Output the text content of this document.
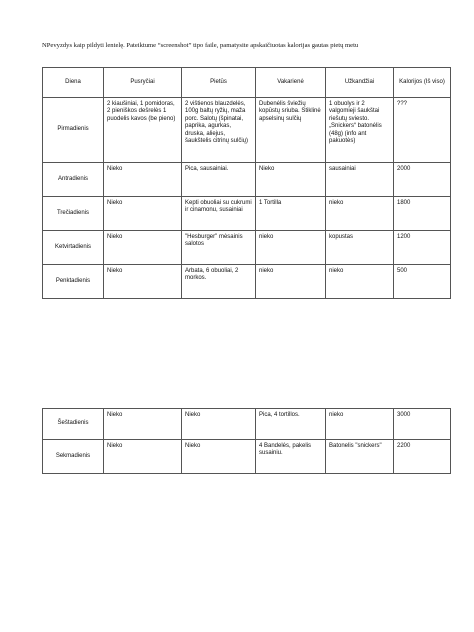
NPevyzdys kaip pildyti lentelę. Pateiktume “screenshot” tipo faile, pamatysite apskaičiuotas kalorijas gautas pietų metu
Diena	Pusryčiai	Pietūs	Vakarienė	Užkandžiai	Kalorijos (Iš viso)
Pirmadienis	2 kiaušiniai, 1 pomidoras, 2 pieniškos dešrelės 1 puodelis kavos (be pieno)	2 vištienos blauzdelės, 100g baltų ryžių, maža porc. Salotų (špinatai, paprika, agurkas, druska, aliejus, šaukštelis citrinų sulčių)	Dubenėlis šviežių kopūstų sriuba. Stiklinė apselsinų sulčių	1 obuolys ir 2 valgomieji šaukštai riešutų sviesto. „Snickers“ batonėlis (48g) (info ant pakuotės)	???
Antradienis	Nieko	Pica, sausainiai.	Nieko	sausainiai	2000
Trečiadienis	Nieko	Kepti obuoliai su cukrumi ir cinamonu, susainiai	1 Tortilla	nieko	1800
Ketvirtadienis	Nieko	"Hesburger" mėsainis salotos	nieko	kopustas	1200
Penktadienis	Nieko	Arbata, 6 obuoliai, 2 morkos.	nieko	nieko	500
Šeštadienis	Nieko	Nieko	Pica, 4 tortillos.	nieko	3000
Sekmadienis	Nieko	Nieko	4 Bandelės, pakelis susainiu.	Batonelis "snickers"	2200
